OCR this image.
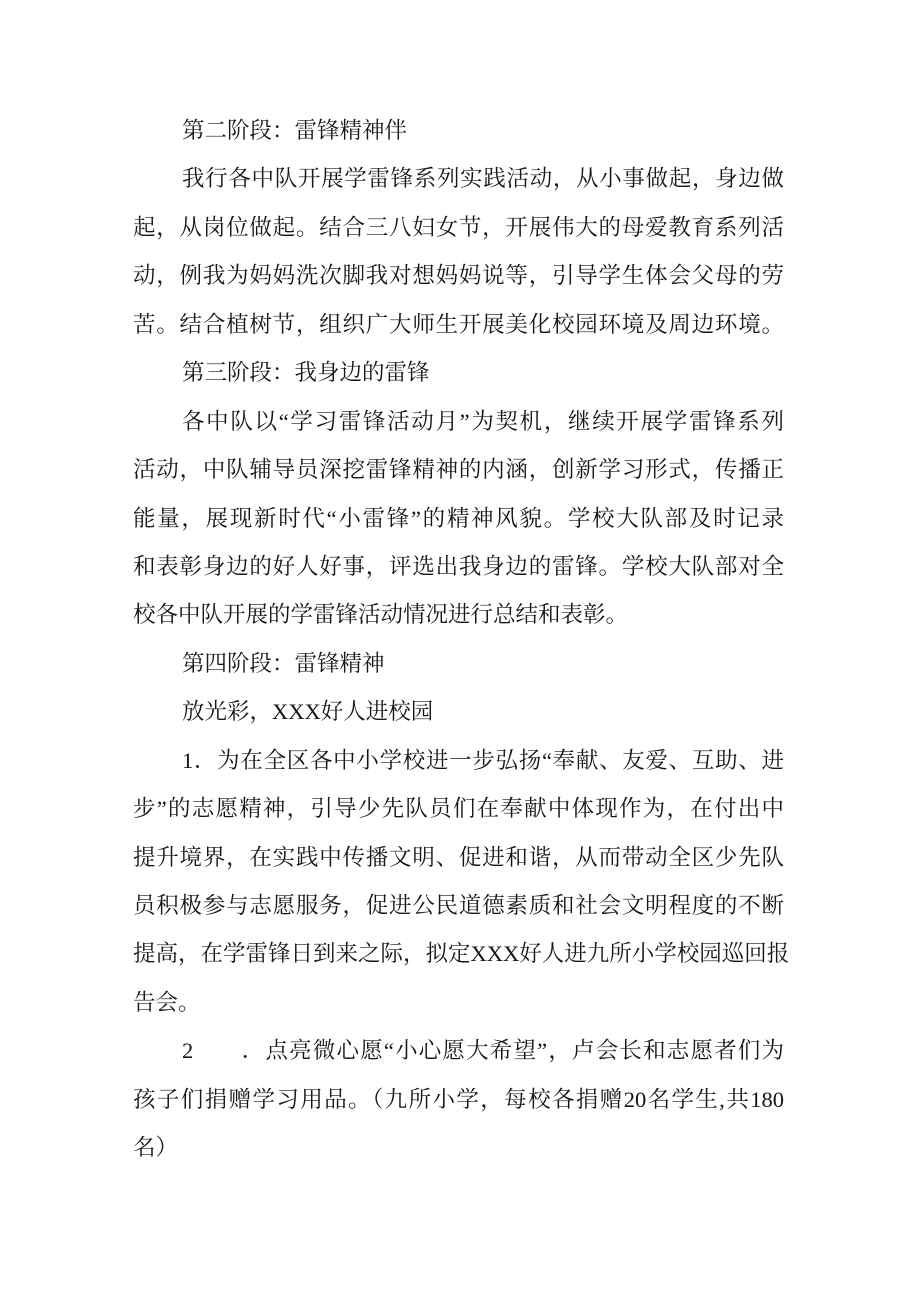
第二阶段：雷锋精神伴
我行各中队开展学雷锋系列实践活动，从小事做起，身边做
起，从岗位做起。结合三八妇女节，开展伟大的母爱教育系列活
动，例我为妈妈洗次脚我对想妈妈说等，引导学生体会父母的劳
苦。结合植树节，组织广大师生开展美化校园环境及周边环境。
第三阶段：我身边的雷锋
各中队以“学习雷锋活动月”为契机，继续开展学雷锋系列
活动，中队辅导员深挖雷锋精神的内涵，创新学习形式，传播正
能量，展现新时代“小雷锋”的精神风貌。学校大队部及时记录
和表彰身边的好人好事，评选出我身边的雷锋。学校大队部对全
校各中队开展的学雷锋活动情况进行总结和表彰。
第四阶段：雷锋精神
放光彩，XXX好人进校园
1．为在全区各中小学校进一步弘扬“奉献、友爱、互助、进
步”的志愿精神，引导少先队员们在奉献中体现作为，在付出中
提升境界，在实践中传播文明、促进和谐，从而带动全区少先队
员积极参与志愿服务，促进公民道德素质和社会文明程度的不断
提高，在学雷锋日到来之际，拟定XXX好人进九所小学校园巡回报
告会。
2　　．点亮微心愿“小心愿大希望”，卢会长和志愿者们为
孩子们捐赠学习用品。（九所小学，每校各捐赠20名学生,共180
名）
